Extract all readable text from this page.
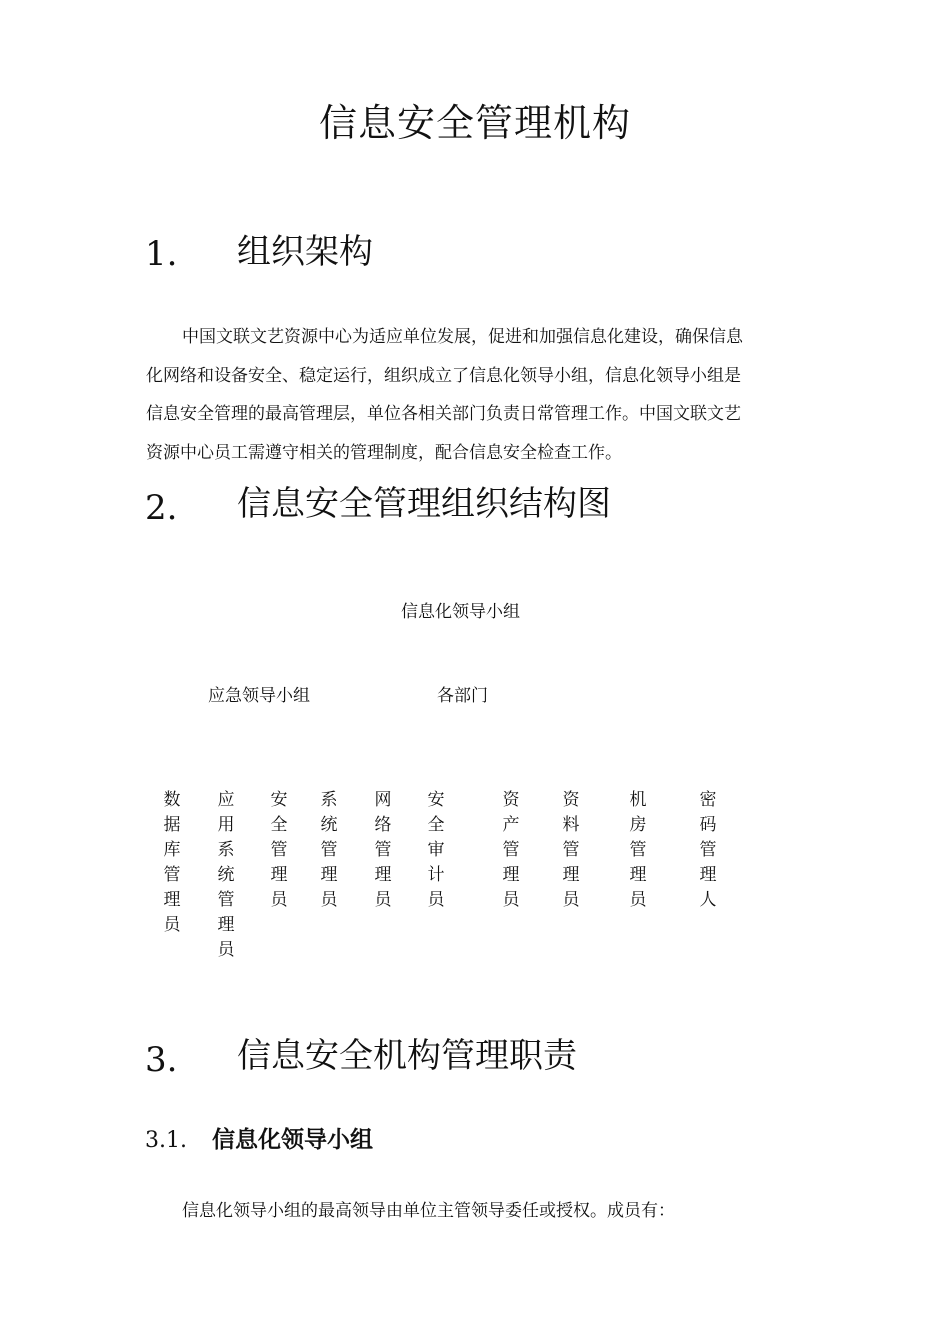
信息安全管理机构
1. 组织架构

中国文联文艺资源中心为适应单位发展，促进和加强信息化建设，确保信息

化网络和设备安全、稳定运行，组织成立了信息化领导小组，信息化领导小组是

信息安全管理的最高管理层，单位各相关部门负责日常管理工作。中国文联文艺

资源中心员工需遵守相关的管理制度，配合信息安全检查工作。

2. 信息安全管理组织结构图
信息化领导小组
应急领导小组	各部门
数
据
库
管
理
员
应
用
系
统
管
理
员
安
全
管
理
员
系
统
管
理
员
网
络
管
理
员
安
全
审
计
员
资
产
管
理
员
资
料
管
理
员
机
房
管
理
员
密
码
管
理
人
3. 信息安全机构管理职责
3.1. 信息化领导小组
信息化领导小组的最高领导由单位主管领导委任或授权。成员有：
